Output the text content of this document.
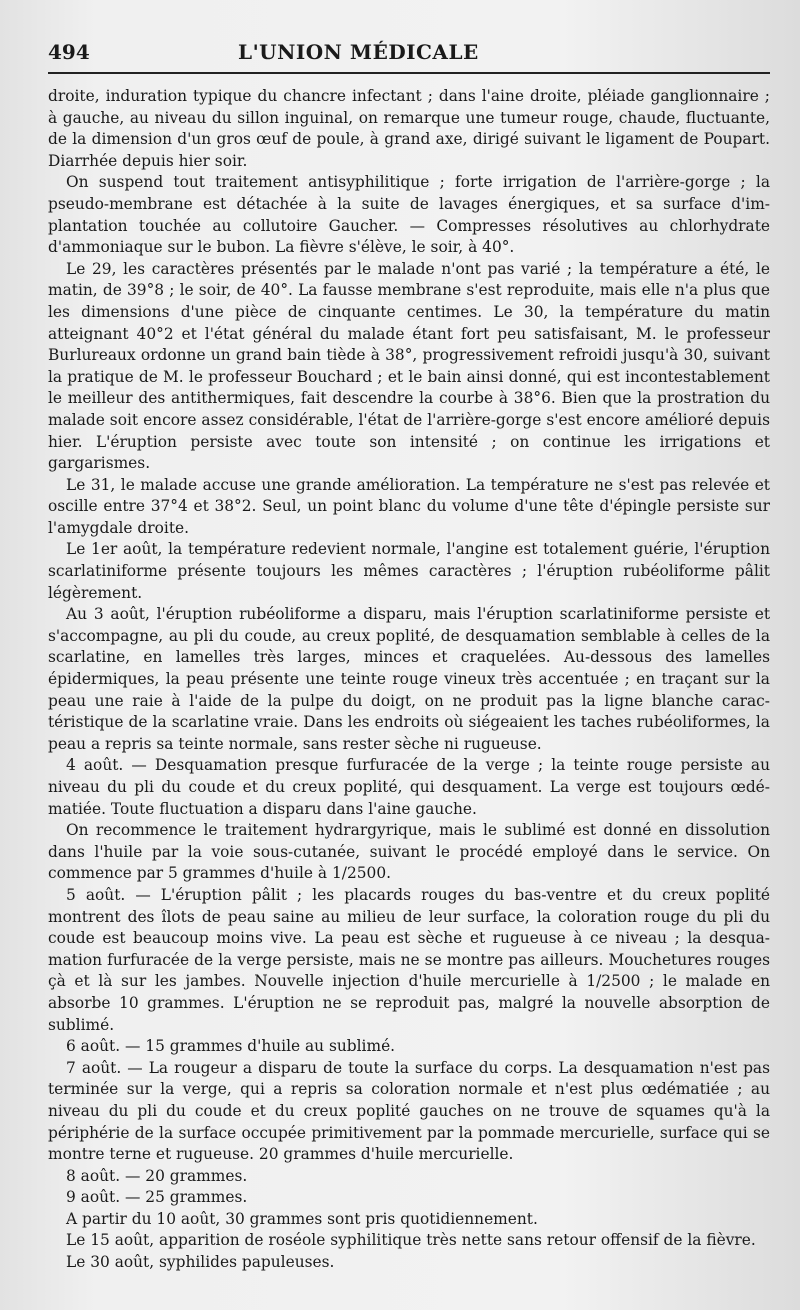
494	L'UNION MÉDICALE

droite, induration typique du chancre infectant ; dans l'aine droite, pléiade ganglionnaire ; à gauche, au niveau du sillon inguinal, on remarque une tumeur rouge, chaude, fluctuante, de la dimension d'un gros œuf de poule, à grand axe, dirigé suivant le ligament de Poupart. Diarrhée depuis hier soir.

On suspend tout traitement antisyphilitique ; forte irrigation de l'arrière-gorge ; la pseudo-membrane est détachée à la suite de lavages énergiques, et sa surface d'implantation touchée au collutoire Gaucher. — Compresses résolutives au chlorhydrate d'ammoniaque sur le bubon. La fièvre s'élève, le soir, à 40°.

Le 29, les caractères présentés par le malade n'ont pas varié ; la température a été, le matin, de 39°8 ; le soir, de 40°. La fausse membrane s'est reproduite, mais elle n'a plus que les dimensions d'une pièce de cinquante centimes. Le 30, la température du matin atteignant 40°2 et l'état général du malade étant fort peu satisfaisant, M. le professeur Burlureaux ordonne un grand bain tiède à 38°, progressivement refroidi jusqu'à 30, suivant la pratique de M. le professeur Bouchard ; et le bain ainsi donné, qui est incontestablement le meilleur des antithermiques, fait descendre la courbe à 38°6. Bien que la prostration du malade soit encore assez considérable, l'état de l'arrière-gorge s'est encore amélioré depuis hier. L'éruption persiste avec toute son intensité ; on continue les irrigations et gargarismes.

Le 31, le malade accuse une grande amélioration. La température ne s'est pas relevée et oscille entre 37°4 et 38°2. Seul, un point blanc du volume d'une tête d'épingle persiste sur l'amygdale droite.

Le 1er août, la température redevient normale, l'angine est totalement guérie, l'éruption scarlatiniforme présente toujours les mêmes caractères ; l'éruption rubéoliforme pâlit légèrement.

Au 3 août, l'éruption rubéoliforme a disparu, mais l'éruption scarlatiniforme persiste et s'accompagne, au pli du coude, au creux poplité, de desquamation semblable à celles de la scarlatine, en lamelles très larges, minces et craquelées. Au-dessous des lamelles épidermiques, la peau présente une teinte rouge vineux très accentuée ; en traçant sur la peau une raie à l'aide de la pulpe du doigt, on ne produit pas la ligne blanche caractéristique de la scarlatine vraie. Dans les endroits où siégeaient les taches rubéoliformes, la peau a repris sa teinte normale, sans rester sèche ni rugueuse.

4 août. — Desquamation presque furfuracée de la verge ; la teinte rouge persiste au niveau du pli du coude et du creux poplité, qui desquament. La verge est toujours œdématiée. Toute fluctuation a disparu dans l'aine gauche.

On recommence le traitement hydrargyrique, mais le sublimé est donné en dissolution dans l'huile par la voie sous-cutanée, suivant le procédé employé dans le service. On commence par 5 grammes d'huile à 1/2500.

5 août. — L'éruption pâlit ; les placards rouges du bas-ventre et du creux poplité montrent des îlots de peau saine au milieu de leur surface, la coloration rouge du pli du coude est beaucoup moins vive. La peau est sèche et rugueuse à ce niveau ; la desquamation furfuracée de la verge persiste, mais ne se montre pas ailleurs. Mouchetures rouges çà et là sur les jambes. Nouvelle injection d'huile mercurielle à 1/2500 ; le malade en absorbe 10 grammes. L'éruption ne se reproduit pas, malgré la nouvelle absorption de sublimé.

6 août. — 15 grammes d'huile au sublimé.

7 août. — La rougeur a disparu de toute la surface du corps. La desquamation n'est pas terminée sur la verge, qui a repris sa coloration normale et n'est plus œdématiée ; au niveau du pli du coude et du creux poplité gauches on ne trouve de squames qu'à la périphérie de la surface occupée primitivement par la pommade mercurielle, surface qui se montre terne et rugueuse. 20 grammes d'huile mercurielle.

8 août. — 20 grammes.

9 août. — 25 grammes.

A partir du 10 août, 30 grammes sont pris quotidiennement.

Le 15 août, apparition de roséole syphilitique très nette sans retour offensif de la fièvre.

Le 30 août, syphilides papuleuses.
